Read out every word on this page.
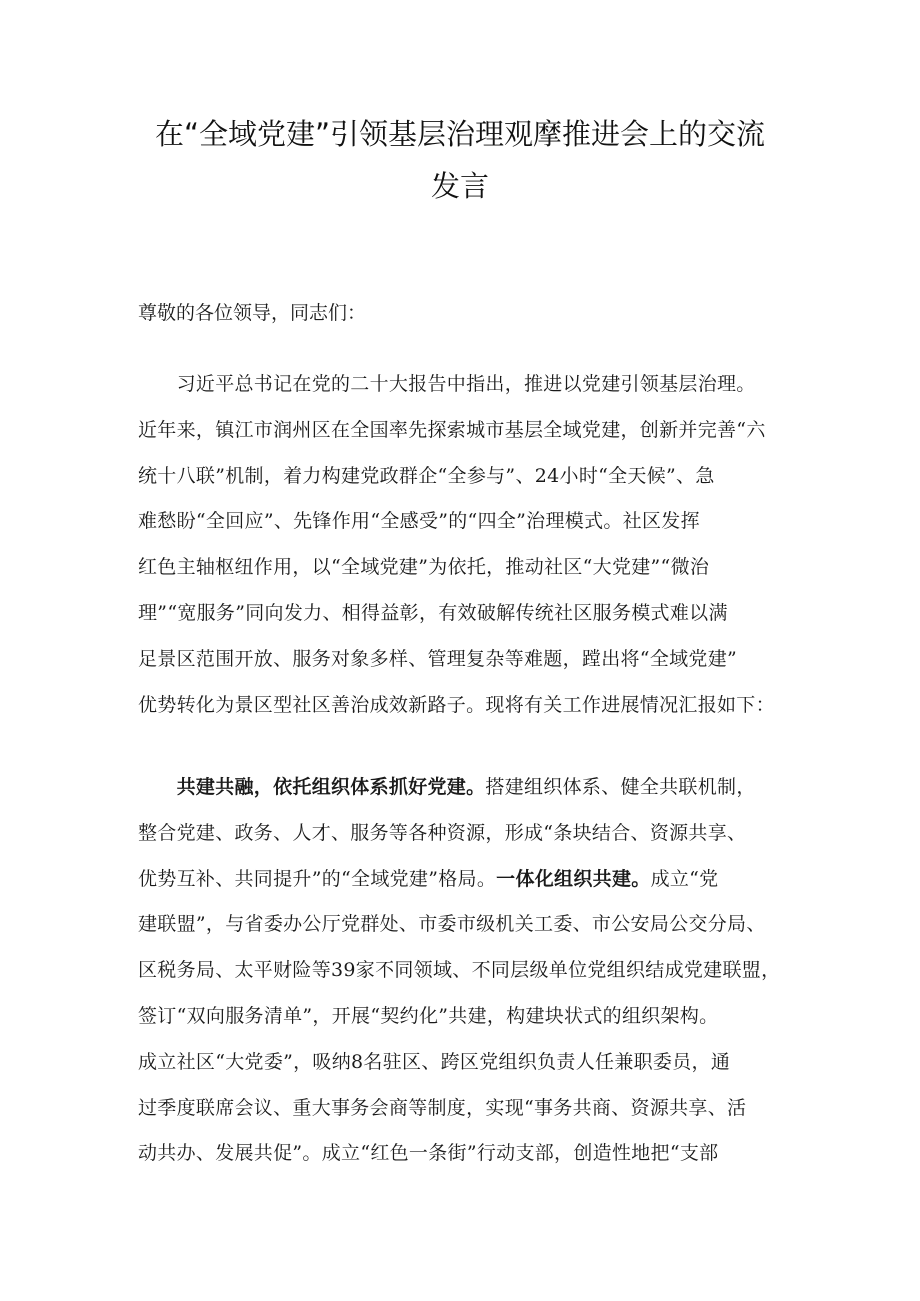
在“全域党建”引领基层治理观摩推进会上的交流发言

尊敬的各位领导，同志们：

　　习近平总书记在党的二十大报告中指出，推进以党建引领基层治理。
近年来，镇江市润州区在全国率先探索城市基层全域党建，创新并完善“六
统十八联”机制，着力构建党政群企“全参与”、24小时“全天候”、急
难愁盼“全回应”、先锋作用“全感受”的“四全”治理模式。社区发挥
红色主轴枢纽作用，以“全域党建”为依托，推动社区“大党建”“微治
理”“宽服务”同向发力、相得益彰，有效破解传统社区服务模式难以满
足景区范围开放、服务对象多样、管理复杂等难题，蹚出将“全域党建”
优势转化为景区型社区善治成效新路子。现将有关工作进展情况汇报如下：
　　共建共融，依托组织体系抓好党建。搭建组织体系、健全共联机制，
整合党建、政务、人才、服务等各种资源，形成“条块结合、资源共享、
优势互补、共同提升”的“全域党建”格局。一体化组织共建。成立“党
建联盟”，与省委办公厅党群处、市委市级机关工委、市公安局公交分局、
区税务局、太平财险等39家不同领域、不同层级单位党组织结成党建联盟，
签订“双向服务清单”，开展“契约化”共建，构建块状式的组织架构。
成立社区“大党委”，吸纳8名驻区、跨区党组织负责人任兼职委员，通
过季度联席会议、重大事务会商等制度，实现“事务共商、资源共享、活
动共办、发展共促”。成立“红色一条街”行动支部，创造性地把“支部
